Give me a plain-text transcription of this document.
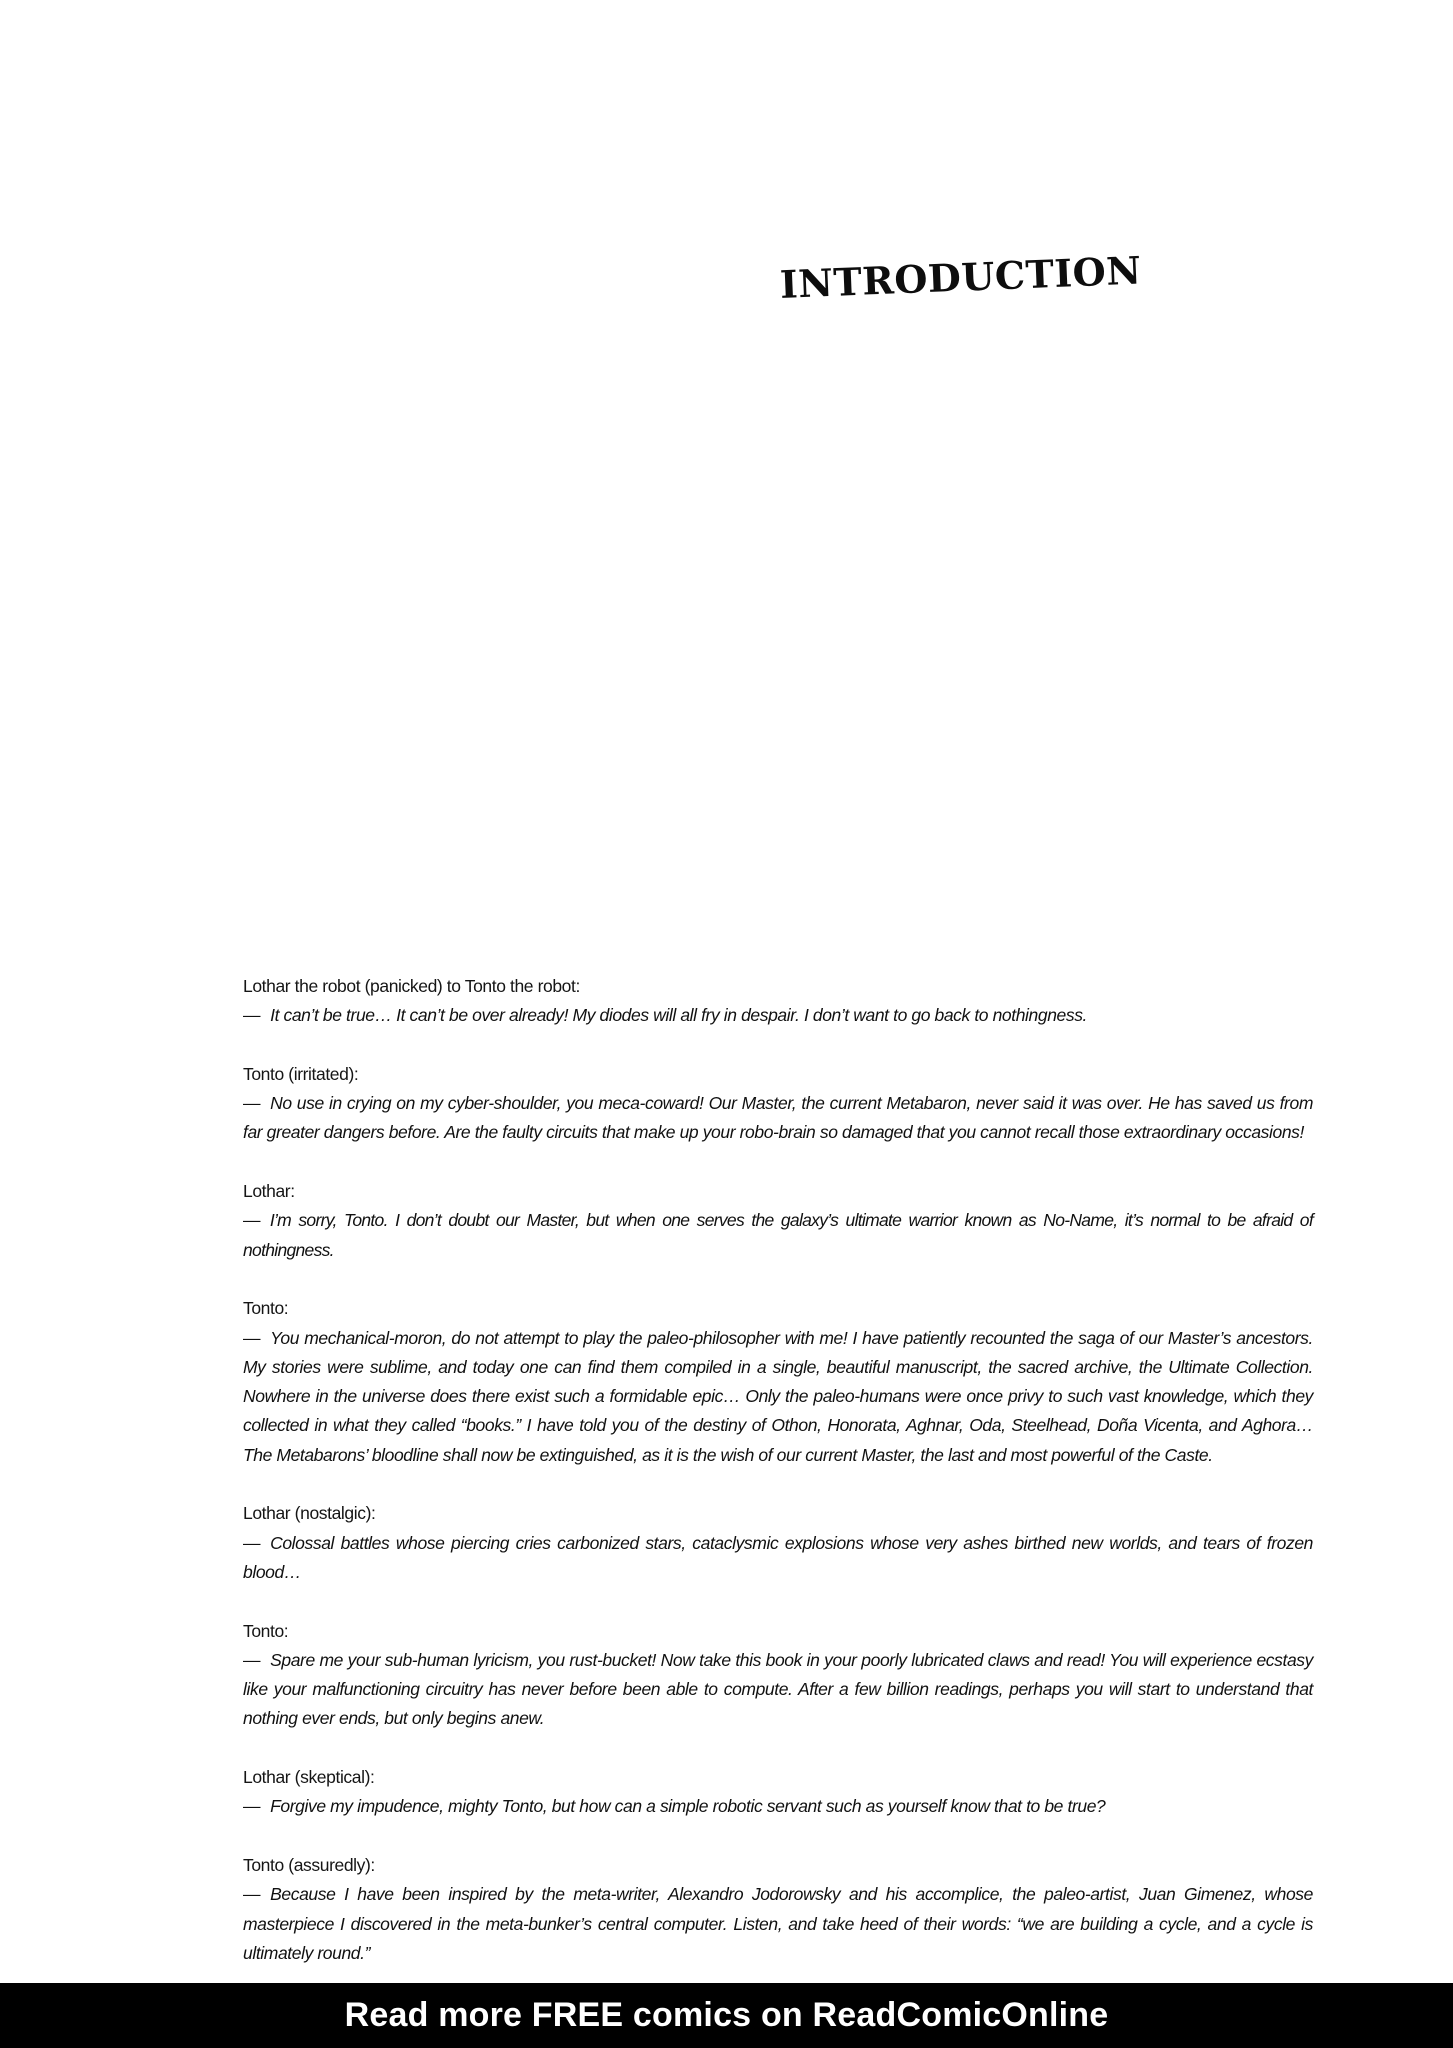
INTRODUCTION
Lothar the robot (panicked) to Tonto the robot:
— It can’t be true… It can’t be over already! My diodes will all fry in despair. I don’t want to go back to nothingness.
Tonto (irritated):
— No use in crying on my cyber-shoulder, you meca-coward! Our Master, the current Metabaron, never said it was over. He has saved us from far greater dangers before. Are the faulty circuits that make up your robo-brain so damaged that you cannot recall those extraordinary occasions!
Lothar:
— I’m sorry, Tonto. I don’t doubt our Master, but when one serves the galaxy’s ultimate warrior known as No-Name, it’s normal to be afraid of nothingness.
Tonto:
— You mechanical-moron, do not attempt to play the paleo-philosopher with me! I have patiently recounted the saga of our Master’s ancestors. My stories were sublime, and today one can find them compiled in a single, beautiful manuscript, the sacred archive, the Ultimate Collection. Nowhere in the universe does there exist such a formidable epic… Only the paleo-humans were once privy to such vast knowledge, which they collected in what they called “books.” I have told you of the destiny of Othon, Honorata, Aghnar, Oda, Steelhead, Doña Vicenta, and Aghora… The Metabarons’ bloodline shall now be extinguished, as it is the wish of our current Master, the last and most powerful of the Caste.
Lothar (nostalgic):
— Colossal battles whose piercing cries carbonized stars, cataclysmic explosions whose very ashes birthed new worlds, and tears of frozen blood…
Tonto:
— Spare me your sub-human lyricism, you rust-bucket! Now take this book in your poorly lubricated claws and read! You will experience ecstasy like your malfunctioning circuitry has never before been able to compute. After a few billion readings, perhaps you will start to understand that nothing ever ends, but only begins anew.
Lothar (skeptical):
— Forgive my impudence, mighty Tonto, but how can a simple robotic servant such as yourself know that to be true?
Tonto (assuredly):
— Because I have been inspired by the meta-writer, Alexandro Jodorowsky and his accomplice, the paleo-artist, Juan Gimenez, whose masterpiece I discovered in the meta-bunker’s central computer. Listen, and take heed of their words: “we are building a cycle, and a cycle is ultimately round.”
Read more FREE comics on ReadComicOnline
